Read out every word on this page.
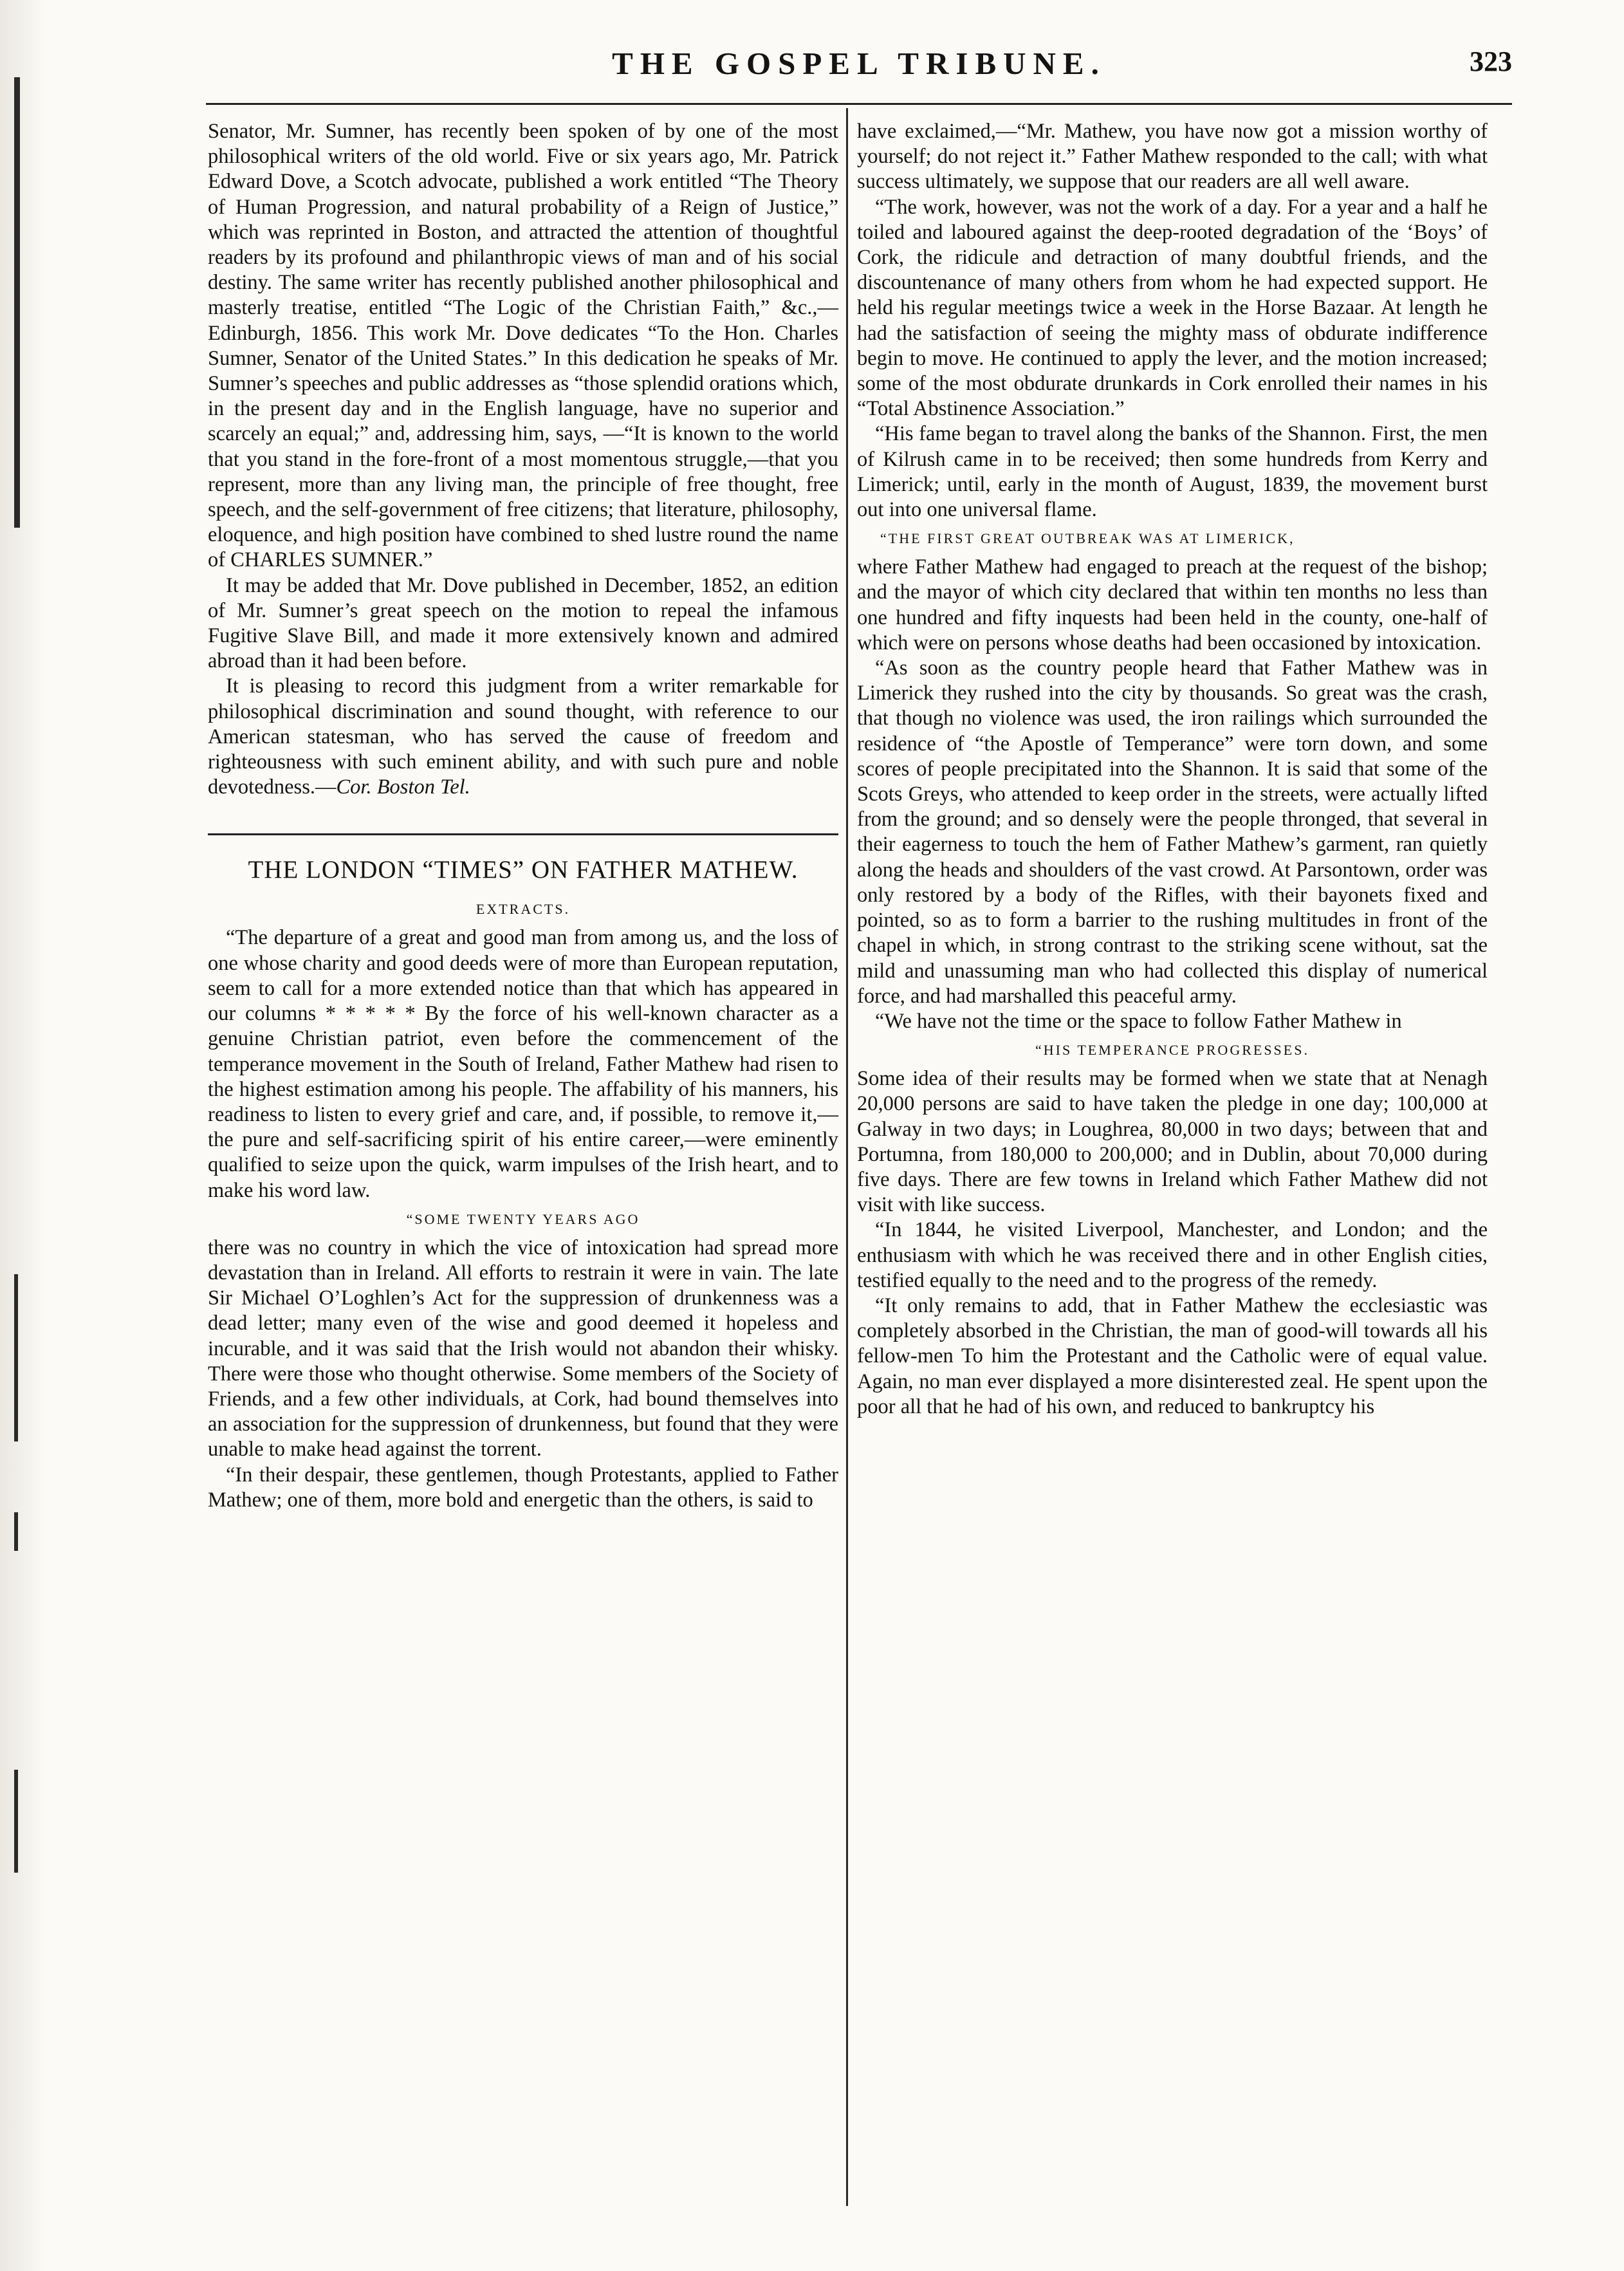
THE GOSPEL TRIBUNE.	323

Senator, Mr. Sumner, has recently been spoken of by one of the most philosophical writers of the old world. Five or six years ago, Mr. Patrick Edward Dove, a Scotch advocate, published a work entitled “The Theory of Human Progression, and natural probability of a Reign of Justice,” which was reprinted in Boston, and attracted the attention of thoughtful readers by its profound and philanthropic views of man and of his social destiny. The same writer has recently published another philosophical and masterly treatise, entitled “The Logic of the Christian Faith,” &c.,—Edinburgh, 1856. This work Mr. Dove dedicates “To the Hon. Charles Sumner, Senator of the United States.” In this dedication he speaks of Mr. Sumner’s speeches and public addresses as “those splendid orations which, in the present day and in the English language, have no superior and scarcely an equal;” and, addressing him, says, —“It is known to the world that you stand in the fore-front of a most momentous struggle,—that you represent, more than any living man, the principle of free thought, free speech, and the self-government of free citizens; that literature, philosophy, eloquence, and high position have combined to shed lustre round the name of CHARLES SUMNER.”

It may be added that Mr. Dove published in December, 1852, an edition of Mr. Sumner’s great speech on the motion to repeal the infamous Fugitive Slave Bill, and made it more extensively known and admired abroad than it had been before.

It is pleasing to record this judgment from a writer remarkable for philosophical discrimination and sound thought, with reference to our American statesman, who has served the cause of freedom and righteousness with such eminent ability, and with such pure and noble devotedness.—Cor. Boston Tel.

THE LONDON “TIMES” ON FATHER MATHEW.
EXTRACTS.

“The departure of a great and good man from among us, and the loss of one whose charity and good deeds were of more than European reputation, seem to call for a more extended notice than that which has appeared in our columns * * * * * By the force of his well-known character as a genuine Christian patriot, even before the commencement of the temperance movement in the South of Ireland, Father Mathew had risen to the highest estimation among his people. The affability of his manners, his readiness to listen to every grief and care, and, if possible, to remove it,—the pure and self-sacrificing spirit of his entire career,—were eminently qualified to seize upon the quick, warm impulses of the Irish heart, and to make his word law.

“SOME TWENTY YEARS AGO

there was no country in which the vice of intoxication had spread more devastation than in Ireland. All efforts to restrain it were in vain. The late Sir Michael O’Loghlen’s Act for the suppression of drunkenness was a dead letter; many even of the wise and good deemed it hopeless and incurable, and it was said that the Irish would not abandon their whisky. There were those who thought otherwise. Some members of the Society of Friends, and a few other individuals, at Cork, had bound themselves into an association for the suppression of drunkenness, but found that they were unable to make head against the torrent.

“In their despair, these gentlemen, though Protestants, applied to Father Mathew; one of them, more bold and energetic than the others, is said to

have exclaimed,—“Mr. Mathew, you have now got a mission worthy of yourself; do not reject it.” Father Mathew responded to the call; with what success ultimately, we suppose that our readers are all well aware.

“The work, however, was not the work of a day. For a year and a half he toiled and laboured against the deep-rooted degradation of the ‘Boys’ of Cork, the ridicule and detraction of many doubtful friends, and the discountenance of many others from whom he had expected support. He held his regular meetings twice a week in the Horse Bazaar. At length he had the satisfaction of seeing the mighty mass of obdurate indifference begin to move. He continued to apply the lever, and the motion increased; some of the most obdurate drunkards in Cork enrolled their names in his “Total Abstinence Association.”

“His fame began to travel along the banks of the Shannon. First, the men of Kilrush came in to be received; then some hundreds from Kerry and Limerick; until, early in the month of August, 1839, the movement burst out into one universal flame.

“THE FIRST GREAT OUTBREAK WAS AT LIMERICK,

where Father Mathew had engaged to preach at the request of the bishop; and the mayor of which city declared that within ten months no less than one hundred and fifty inquests had been held in the county, one-half of which were on persons whose deaths had been occasioned by intoxication.

“As soon as the country people heard that Father Mathew was in Limerick they rushed into the city by thousands. So great was the crash, that though no violence was used, the iron railings which surrounded the residence of “the Apostle of Temperance” were torn down, and some scores of people precipitated into the Shannon. It is said that some of the Scots Greys, who attended to keep order in the streets, were actually lifted from the ground; and so densely were the people thronged, that several in their eagerness to touch the hem of Father Mathew’s garment, ran quietly along the heads and shoulders of the vast crowd. At Parsontown, order was only restored by a body of the Rifles, with their bayonets fixed and pointed, so as to form a barrier to the rushing multitudes in front of the chapel in which, in strong contrast to the striking scene without, sat the mild and unassuming man who had collected this display of numerical force, and had marshalled this peaceful army.

“We have not the time or the space to follow Father Mathew in

“HIS TEMPERANCE PROGRESSES.

Some idea of their results may be formed when we state that at Nenagh 20,000 persons are said to have taken the pledge in one day; 100,000 at Galway in two days; in Loughrea, 80,000 in two days; between that and Portumna, from 180,000 to 200,000; and in Dublin, about 70,000 during five days. There are few towns in Ireland which Father Mathew did not visit with like success.

“In 1844, he visited Liverpool, Manchester, and London; and the enthusiasm with which he was received there and in other English cities, testified equally to the need and to the progress of the remedy.

“It only remains to add, that in Father Mathew the ecclesiastic was completely absorbed in the Christian, the man of good-will towards all his fellow-men To him the Protestant and the Catholic were of equal value. Again, no man ever displayed a more disinterested zeal. He spent upon the poor all that he had of his own, and reduced to bankruptcy his
